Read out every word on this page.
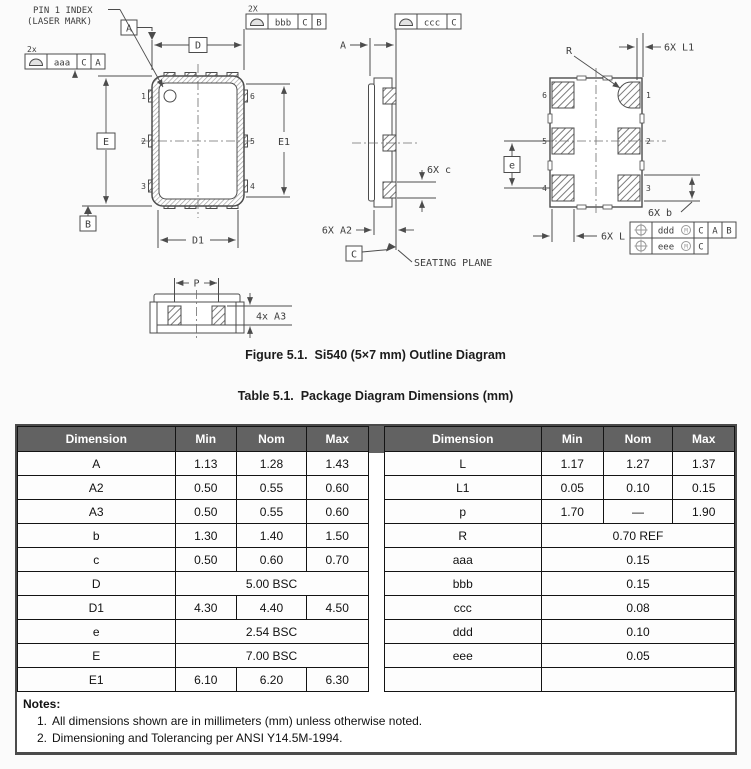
1
2
3
6
5
4
D
A
PIN 1 INDEX
(LASER MARK)
2x
aaa C A
E
B
E1
D1
2X
bbb C B	ccc C
A
6X c
6X A2
C
SEATING PLANE
6
5
4
1
2
3
R	6X L1
e
6X b
6X L	ddd M C A B
eee M C
P
4x A3
Figure 5.1.  Si540 (5×7 mm) Outline Diagram
Table 5.1.  Package Diagram Dimensions (mm)
Dimension	Min	Nom	Max
A	1.13	1.28	1.43
A2	0.50	0.55	0.60
A3	0.50	0.55	0.60
b	1.30	1.40	1.50
c	0.50	0.60	0.70
D	5.00 BSC		
D1	4.30	4.40	4.50
e	2.54 BSC		
E	7.00 BSC		
E1	6.10	6.20	6.30
Dimension	Min	Nom	Max
L	1.17	1.27	1.37
L1	0.05	0.10	0.15
p	1.70	—	1.90
R	0.70 REF		
aaa	0.15		
bbb	0.15		
ccc	0.08		
ddd	0.10		
eee	0.05		

Notes:
1. All dimensions shown are in millimeters (mm) unless otherwise noted.
2. Dimensioning and Tolerancing per ANSI Y14.5M-1994.
